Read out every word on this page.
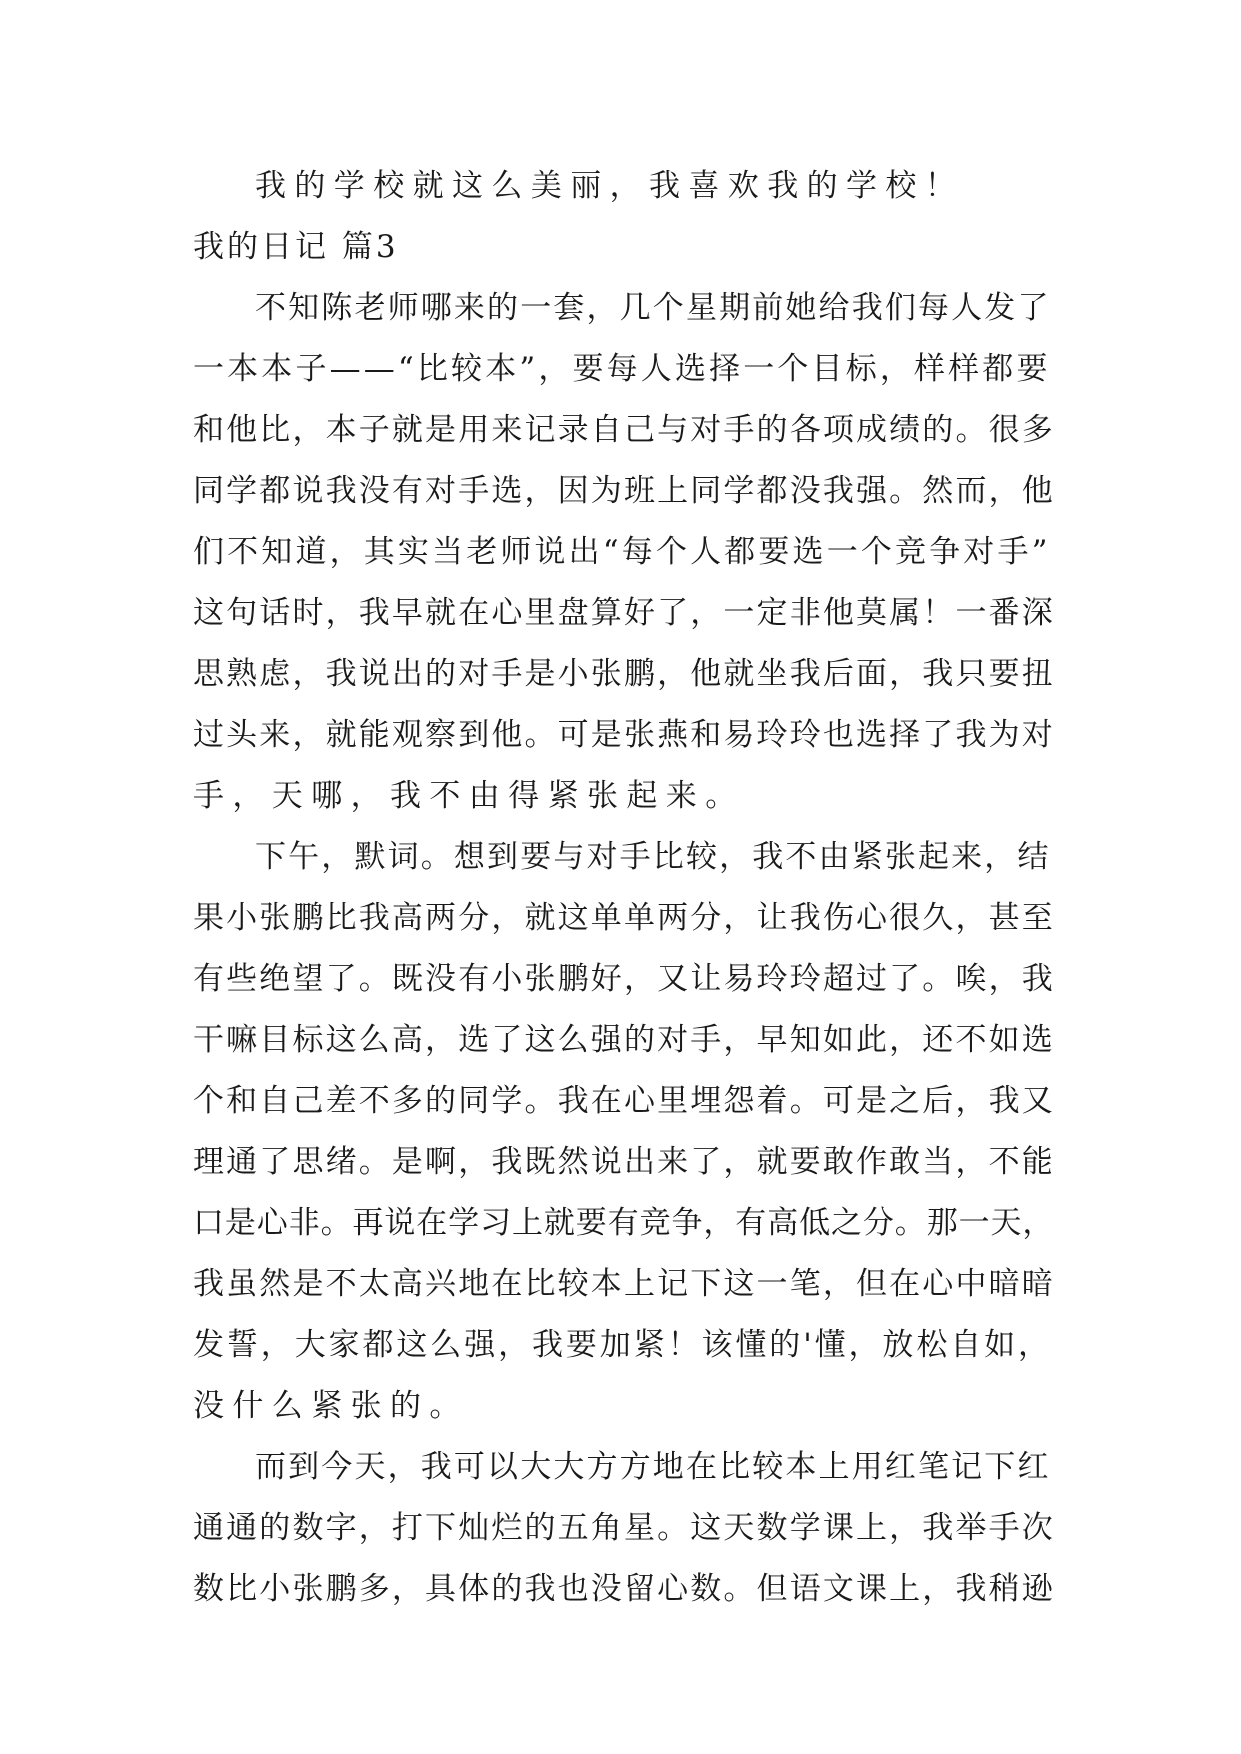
我的学校就这么美丽，我喜欢我的学校！
我的日记 篇3
不知陈老师哪来的一套，几个星期前她给我们每人发了
一本本子——“比较本”，要每人选择一个目标，样样都要
和他比，本子就是用来记录自己与对手的各项成绩的。很多
同学都说我没有对手选，因为班上同学都没我强。然而，他
们不知道，其实当老师说出“每个人都要选一个竞争对手”
这句话时，我早就在心里盘算好了，一定非他莫属！一番深
思熟虑，我说出的对手是小张鹏，他就坐我后面，我只要扭
过头来，就能观察到他。可是张燕和易玲玲也选择了我为对
手，天哪，我不由得紧张起来。
下午，默词。想到要与对手比较，我不由紧张起来，结
果小张鹏比我高两分，就这单单两分，让我伤心很久，甚至
有些绝望了。既没有小张鹏好，又让易玲玲超过了。唉，我
干嘛目标这么高，选了这么强的对手，早知如此，还不如选
个和自己差不多的同学。我在心里埋怨着。可是之后，我又
理通了思绪。是啊，我既然说出来了，就要敢作敢当，不能
口是心非。再说在学习上就要有竞争，有高低之分。那一天，
我虽然是不太高兴地在比较本上记下这一笔，但在心中暗暗
发誓，大家都这么强，我要加紧！该懂的'懂，放松自如，
没什么紧张的。
而到今天，我可以大大方方地在比较本上用红笔记下红
通通的数字，打下灿烂的五角星。这天数学课上，我举手次
数比小张鹏多，具体的我也没留心数。但语文课上，我稍逊
